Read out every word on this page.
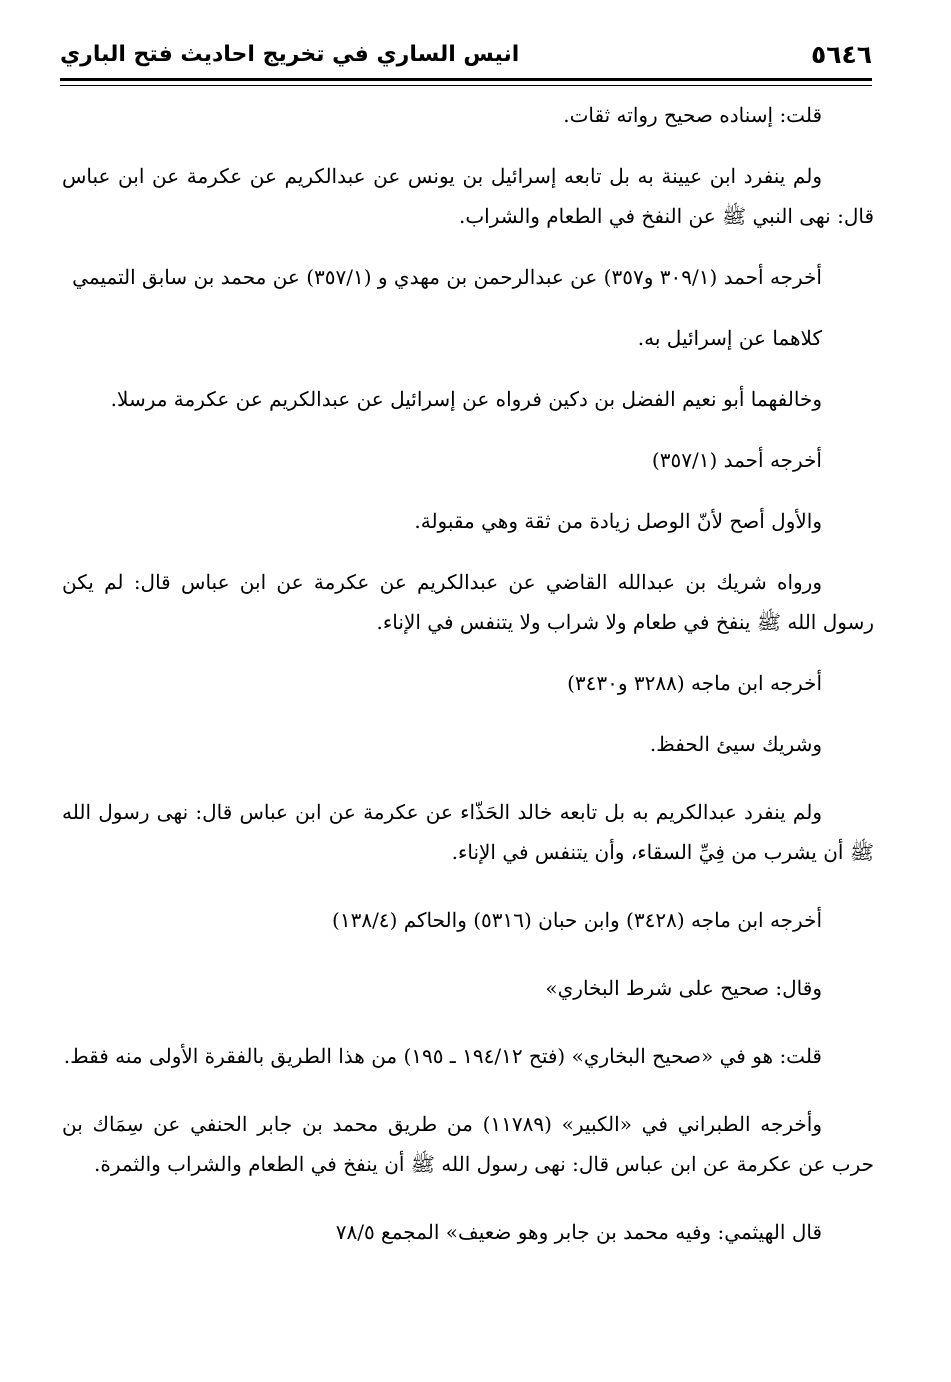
٥٦٤٦
انيس الساري في تخريج احاديث فتح الباري

قلت: إسناده صحيح رواته ثقات.

ولم ينفرد ابن عيينة به بل تابعه إسرائيل بن يونس عن عبدالكريم عن عكرمة عن ابن عباس قال: نهى النبي ﷺ عن النفخ في الطعام والشراب.

أخرجه أحمد (٣٠٩/١ و٣٥٧) عن عبدالرحمن بن مهدي و (٣٥٧/١) عن محمد بن سابق التميمي

كلاهما عن إسرائيل به.

وخالفهما أبو نعيم الفضل بن دكين فرواه عن إسرائيل عن عبدالكريم عن عكرمة مرسلا.

أخرجه أحمد (٣٥٧/١)

والأول أصح لأنّ الوصل زيادة من ثقة وهي مقبولة.

ورواه شريك بن عبدالله القاضي عن عبدالكريم عن عكرمة عن ابن عباس قال: لم يكن رسول الله ﷺ ينفخ في طعام ولا شراب ولا يتنفس في الإناء.

أخرجه ابن ماجه (٣٢٨٨ و٣٤٣٠)

وشريك سيئ الحفظ.

ولم ينفرد عبدالكريم به بل تابعه خالد الحَذّاء عن عكرمة عن ابن عباس قال: نهى رسول الله ﷺ أن يشرب من فِيِّ السقاء، وأن يتنفس في الإناء.

أخرجه ابن ماجه (٣٤٢٨) وابن حبان (٥٣١٦) والحاكم (١٣٨/٤)

وقال: صحيح على شرط البخاري»

قلت: هو في «صحيح البخاري» (فتح ١٩٤/١٢ ـ ١٩٥) من هذا الطريق بالفقرة الأولى منه فقط.

وأخرجه الطبراني في «الكبير» (١١٧٨٩) من طريق محمد بن جابر الحنفي عن سِمَاك بن حرب عن عكرمة عن ابن عباس قال: نهى رسول الله ﷺ أن ينفخ في الطعام والشراب والثمرة.

قال الهيثمي: وفيه محمد بن جابر وهو ضعيف» المجمع ٧٨/٥
